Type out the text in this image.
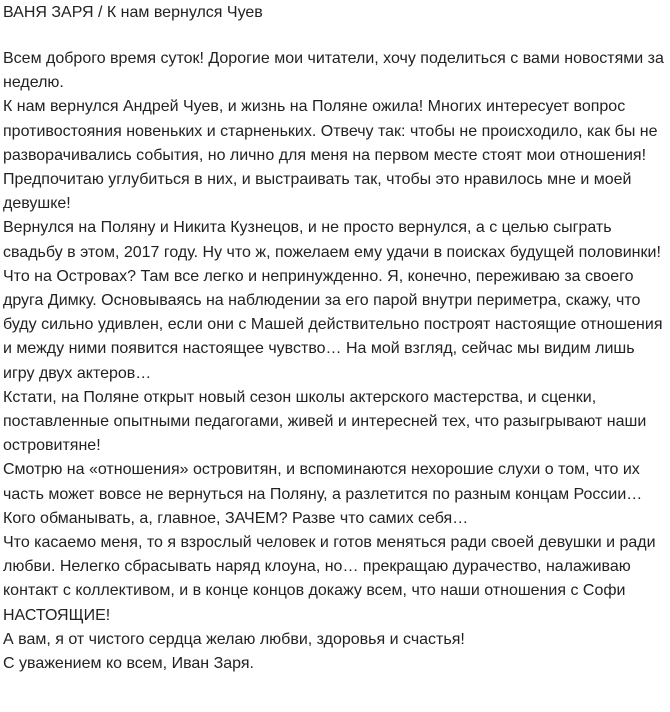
ВАНЯ ЗАРЯ / К нам вернулся Чуев

Всем доброго время суток! Дорогие мои читатели, хочу поделиться с вами новостями за неделю.

К нам вернулся Андрей Чуев, и жизнь на Поляне ожила! Многих интересует вопрос противостояния новеньких и старненьких. Отвечу так: чтобы не происходило, как бы не разворачивались события, но лично для меня на первом месте стоят мои отношения! Предпочитаю углубиться в них, и выстраивать так, чтобы это нравилось мне и моей девушке!

Вернулся на Поляну и Никита Кузнецов, и не просто вернулся, а с целью сыграть свадьбу в этом, 2017 году. Ну что ж, пожелаем ему удачи в поисках будущей половинки!

Что на Островах? Там все легко и непринужденно. Я, конечно, переживаю за своего друга Димку. Основываясь на наблюдении за его парой внутри периметра, скажу, что буду сильно удивлен, если они с Машей действительно построят настоящие отношения и между ними появится настоящее чувство… На мой взгляд, сейчас мы видим лишь игру двух актеров…

Кстати, на Поляне открыт новый сезон школы актерского мастерства, и сценки, поставленные опытными педагогами, живей и интересней тех, что разыгрывают наши островитяне!

Смотрю на «отношения» островитян, и вспоминаются нехорошие слухи о том, что их часть может вовсе не вернуться на Поляну, а разлетится по разным концам России… Кого обманывать, а, главное, ЗАЧЕМ? Разве что самих себя…

Что касаемо меня, то я взрослый человек и готов меняться ради своей девушки и ради любви. Нелегко сбрасывать наряд клоуна, но… прекращаю дурачество, налаживаю контакт с коллективом, и в конце концов докажу всем, что наши отношения с Софи НАСТОЯЩИЕ!

А вам, я от чистого сердца желаю любви, здоровья и счастья!

С уважением ко всем, Иван Заря.
